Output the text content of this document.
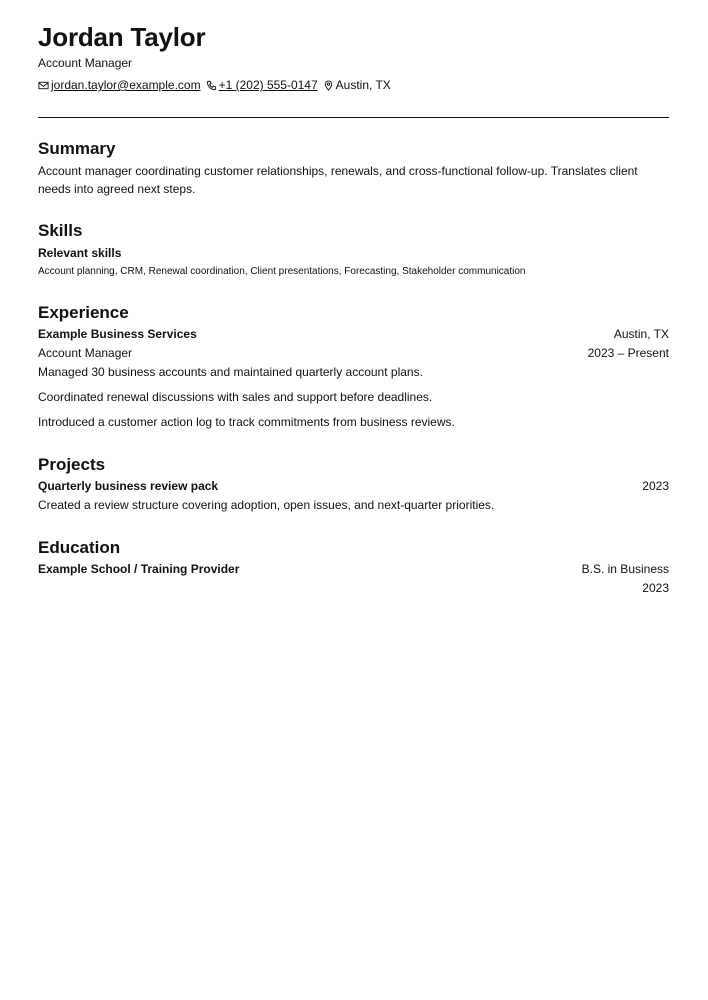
Jordan Taylor
Account Manager
jordan.taylor@example.com +1 (202) 555-0147 Austin, TX
Summary
Account manager coordinating customer relationships, renewals, and cross-functional follow-up. Translates client needs into agreed next steps.
Skills
Relevant skills
Account planning, CRM, Renewal coordination, Client presentations, Forecasting, Stakeholder communication
Experience
Example Business Services	Austin, TX
Account Manager	2023 – Present
Managed 30 business accounts and maintained quarterly account plans.
Coordinated renewal discussions with sales and support before deadlines.
Introduced a customer action log to track commitments from business reviews.
Projects
Quarterly business review pack	2023
Created a review structure covering adoption, open issues, and next-quarter priorities.
Education
Example School / Training Provider	B.S. in Business
2023
